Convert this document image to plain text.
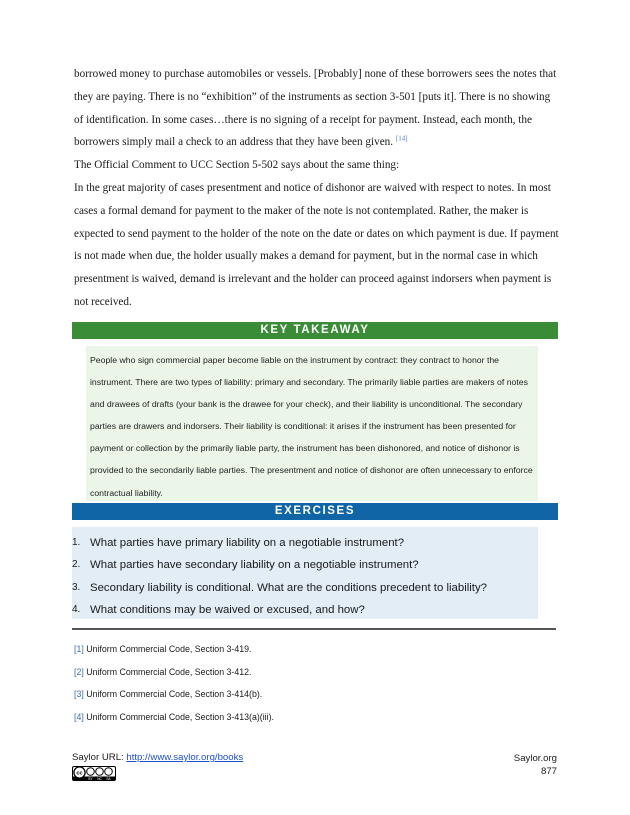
borrowed money to purchase automobiles or vessels. [Probably] none of these borrowers sees the notes that they are paying. There is no “exhibition” of the instruments as section 3-501 [puts it]. There is no showing of identification. In some cases…there is no signing of a receipt for payment. Instead, each month, the borrowers simply mail a check to an address that they have been given. [14]

The Official Comment to UCC Section 5-502 says about the same thing:

In the great majority of cases presentment and notice of dishonor are waived with respect to notes. In most cases a formal demand for payment to the maker of the note is not contemplated. Rather, the maker is expected to send payment to the holder of the note on the date or dates on which payment is due. If payment is not made when due, the holder usually makes a demand for payment, but in the normal case in which presentment is waived, demand is irrelevant and the holder can proceed against indorsers when payment is not received.

KEY TAKEAWAY

People who sign commercial paper become liable on the instrument by contract: they contract to honor the instrument. There are two types of liability: primary and secondary. The primarily liable parties are makers of notes and drawees of drafts (your bank is the drawee for your check), and their liability is unconditional. The secondary parties are drawers and indorsers. Their liability is conditional: it arises if the instrument has been presented for payment or collection by the primarily liable party, the instrument has been dishonored, and notice of dishonor is provided to the secondarily liable parties. The presentment and notice of dishonor are often unnecessary to enforce contractual liability.

EXERCISES
1. What parties have primary liability on a negotiable instrument?
2. What parties have secondary liability on a negotiable instrument?
3. Secondary liability is conditional. What are the conditions precedent to liability?
4. What conditions may be waived or excused, and how?
[1] Uniform Commercial Code, Section 3-419.
[2] Uniform Commercial Code, Section 3-412.
[3] Uniform Commercial Code, Section 3-414(b).
[4] Uniform Commercial Code, Section 3-413(a)(iii).
Saylor URL: http://www.saylor.org/books
cc
BY NC SA
Saylor.org
877
